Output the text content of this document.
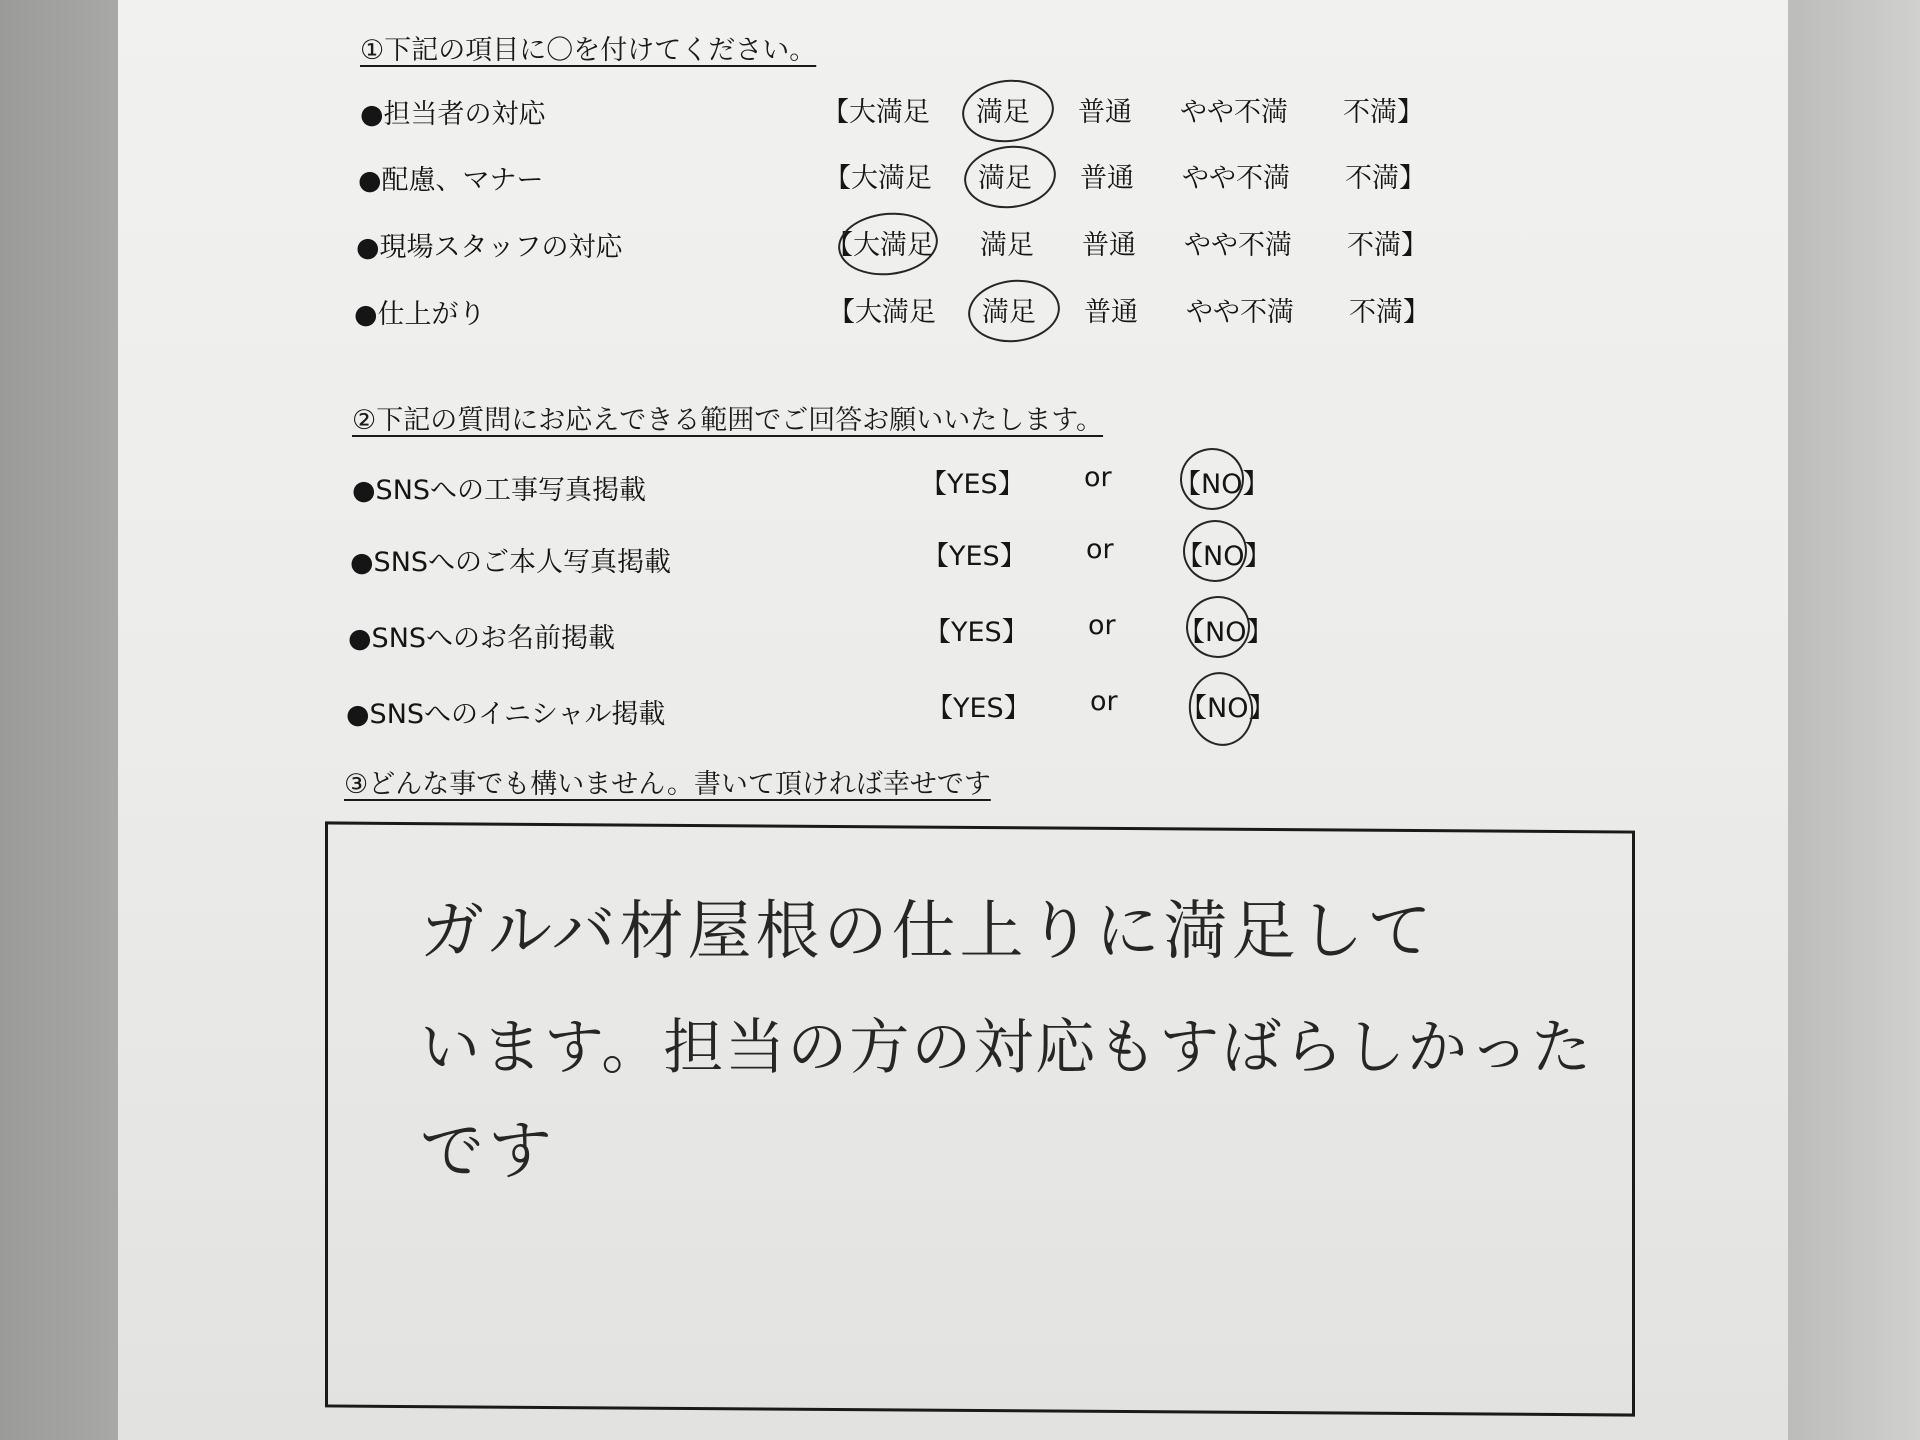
①下記の項目に〇を付けてください。
●担当者の対応	【大満足 満足 普通 やや不満 不満】
●配慮、マナー	【大満足 満足 普通 やや不満 不満】
●現場スタッフの対応	【大満足 満足 普通 やや不満 不満】
●仕上がり	【大満足 満足 普通 やや不満 不満】
②下記の質問にお応えできる範囲でご回答お願いいたします。
●SNSへの工事写真掲載	【YES】 or 【NO】
●SNSへのご本人写真掲載	【YES】 or 【NO】
●SNSへのお名前掲載	【YES】 or 【NO】
●SNSへのイニシャル掲載	【YES】 or 【NO】
③どんな事でも構いません。書いて頂ければ幸せです
ガルバ材屋根の仕上りに満足して
います。担当の方の対応もすばらしかった
です
